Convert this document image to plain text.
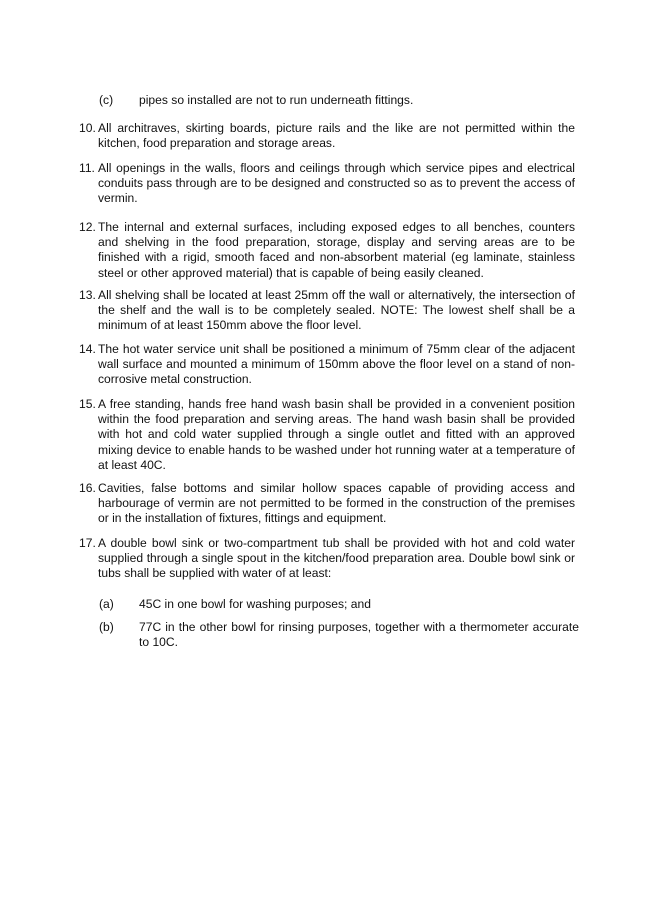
(c) pipes so installed are not to run underneath fittings.
10. All architraves, skirting boards, picture rails and the like are not permitted within the kitchen, food preparation and storage areas.
11. All openings in the walls, floors and ceilings through which service pipes and electrical conduits pass through are to be designed and constructed so as to prevent the access of vermin.
12. The internal and external surfaces, including exposed edges to all benches, counters and shelving in the food preparation, storage, display and serving areas are to be finished with a rigid, smooth faced and non-absorbent material (eg laminate, stainless steel or other approved material) that is capable of being easily cleaned.
13. All shelving shall be located at least 25mm off the wall or alternatively, the intersection of the shelf and the wall is to be completely sealed. NOTE: The lowest shelf shall be a minimum of at least 150mm above the floor level.
14. The hot water service unit shall be positioned a minimum of 75mm clear of the adjacent wall surface and mounted a minimum of 150mm above the floor level on a stand of non-corrosive metal construction.
15. A free standing, hands free hand wash basin shall be provided in a convenient position within the food preparation and serving areas. The hand wash basin shall be provided with hot and cold water supplied through a single outlet and fitted with an approved mixing device to enable hands to be washed under hot running water at a temperature of at least 40C.
16. Cavities, false bottoms and similar hollow spaces capable of providing access and harbourage of vermin are not permitted to be formed in the construction of the premises or in the installation of fixtures, fittings and equipment.
17. A double bowl sink or two-compartment tub shall be provided with hot and cold water supplied through a single spout in the kitchen/food preparation area. Double bowl sink or tubs shall be supplied with water of at least:
(a) 45C in one bowl for washing purposes; and
(b) 77C in the other bowl for rinsing purposes, together with a thermometer accurate to 10C.
